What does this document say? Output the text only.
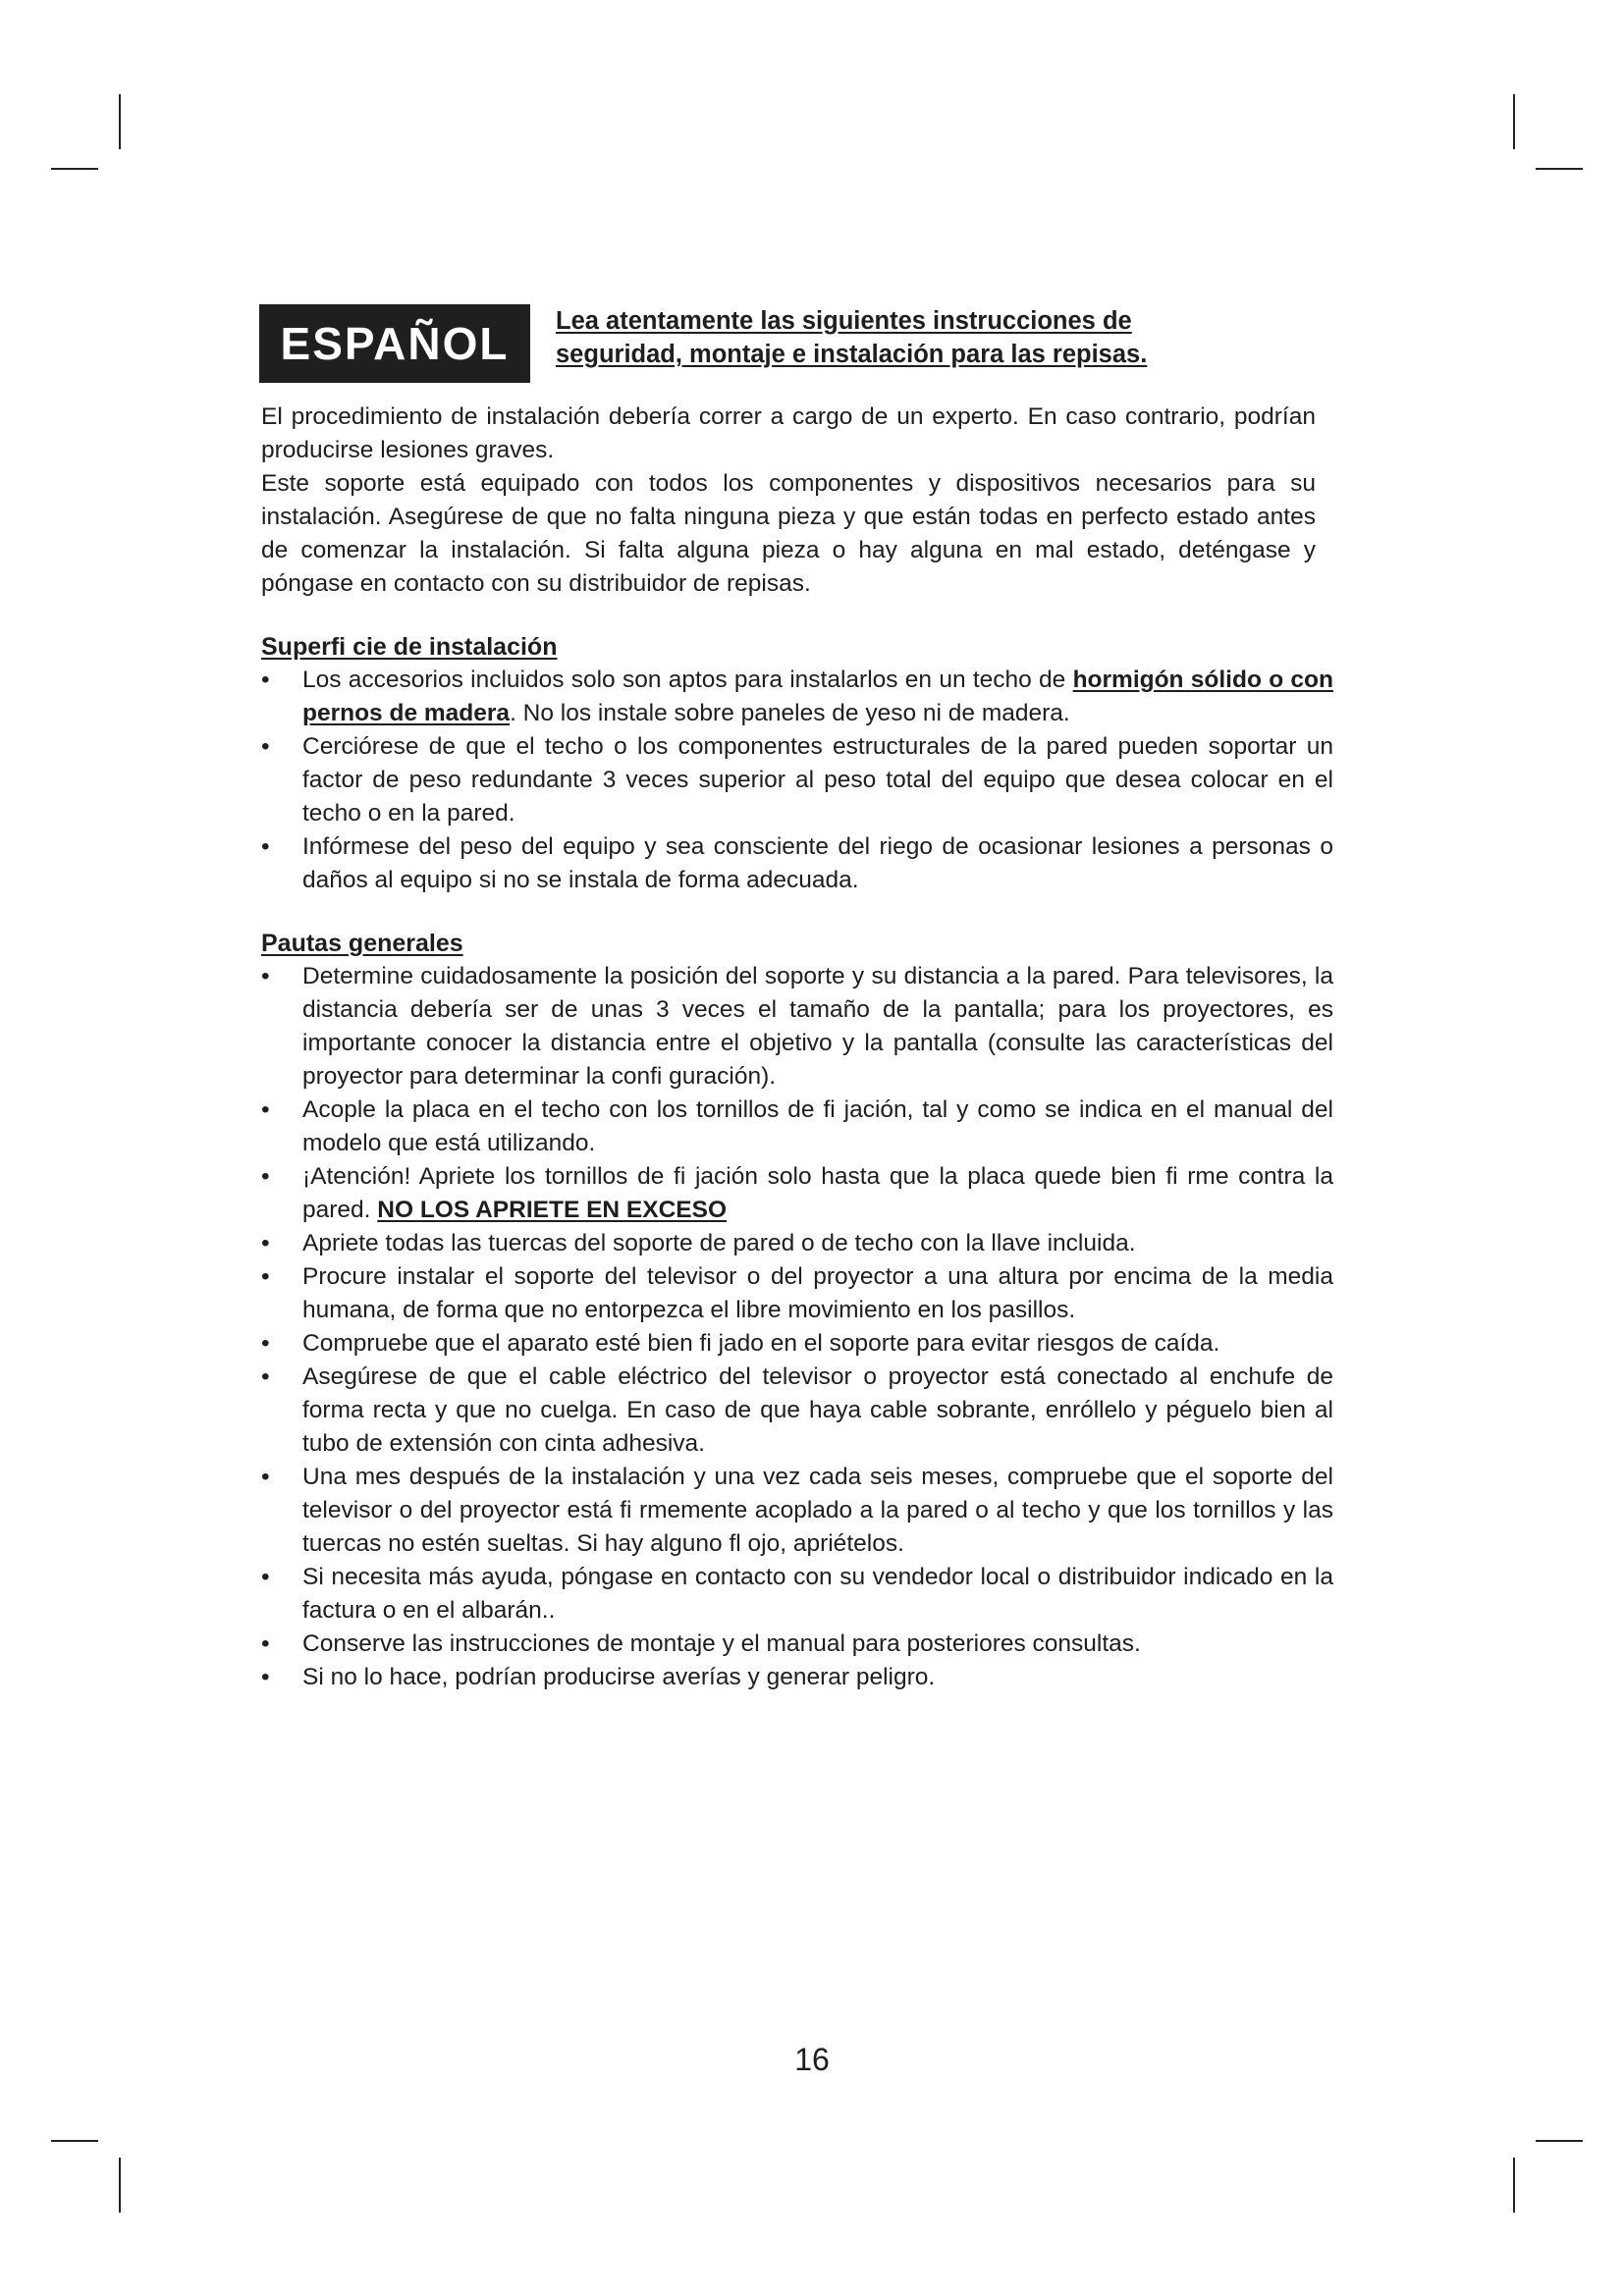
ESPAÑOL	Lea atentamente las siguientes instrucciones de
seguridad, montaje e instalación para las repisas.

El procedimiento de instalación debería correr a cargo de un experto. En caso contrario, podrían producirse lesiones graves.

Este soporte está equipado con todos los componentes y dispositivos necesarios para su instalación. Asegúrese de que no falta ninguna pieza y que están todas en perfecto estado antes de comenzar la instalación. Si falta alguna pieza o hay alguna en mal estado, deténgase y póngase en contacto con su distribuidor de repisas.

Superfi cie de instalación
• Los accesorios incluidos solo son aptos para instalarlos en un techo de hormigón sólido o con pernos de madera. No los instale sobre paneles de yeso ni de madera.
• Cerciórese de que el techo o los componentes estructurales de la pared pueden soportar un factor de peso redundante 3 veces superior al peso total del equipo que desea colocar en el techo o en la pared.
• Infórmese del peso del equipo y sea consciente del riego de ocasionar lesiones a personas o daños al equipo si no se instala de forma adecuada.
Pautas generales
• Determine cuidadosamente la posición del soporte y su distancia a la pared. Para televisores, la distancia debería ser de unas 3 veces el tamaño de la pantalla; para los proyectores, es importante conocer la distancia entre el objetivo y la pantalla (consulte las características del proyector para determinar la confi guración).
• Acople la placa en el techo con los tornillos de fi jación, tal y como se indica en el manual del modelo que está utilizando.
• ¡Atención! Apriete los tornillos de fi jación solo hasta que la placa quede bien fi rme contra la pared. NO LOS APRIETE EN EXCESO
• Apriete todas las tuercas del soporte de pared o de techo con la llave incluida.
• Procure instalar el soporte del televisor o del proyector a una altura por encima de la media humana, de forma que no entorpezca el libre movimiento en los pasillos.
• Compruebe que el aparato esté bien fi jado en el soporte para evitar riesgos de caída.
• Asegúrese de que el cable eléctrico del televisor o proyector está conectado al enchufe de forma recta y que no cuelga. En caso de que haya cable sobrante, enróllelo y péguelo bien al tubo de extensión con cinta adhesiva.
• Una mes después de la instalación y una vez cada seis meses, compruebe que el soporte del televisor o del proyector está fi rmemente acoplado a la pared o al techo y que los tornillos y las tuercas no estén sueltas. Si hay alguno fl ojo, apriételos.
• Si necesita más ayuda, póngase en contacto con su vendedor local o distribuidor indicado en la factura o en el albarán..
• Conserve las instrucciones de montaje y el manual para posteriores consultas.
• Si no lo hace, podrían producirse averías y generar peligro.
16
